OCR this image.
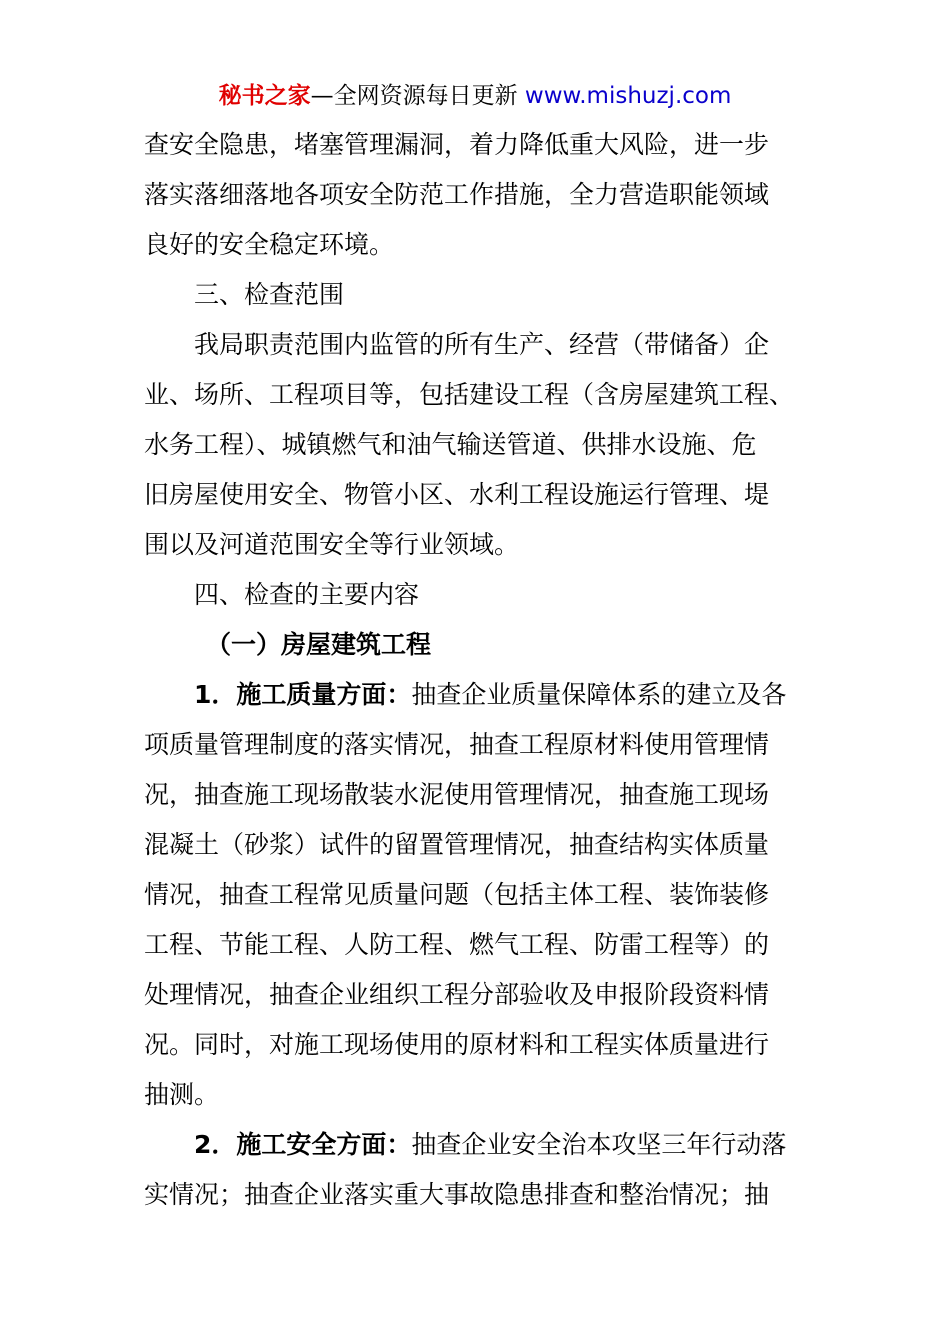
秘书之家—全网资源每日更新 www.mishuzj.com
查安全隐患，堵塞管理漏洞，着力降低重大风险，进一步
落实落细落地各项安全防范工作措施，全力营造职能领域
良好的安全稳定环境。
三、检查范围
我局职责范围内监管的所有生产、经营（带储备）企
业、场所、工程项目等，包括建设工程（含房屋建筑工程、
水务工程）、城镇燃气和油气输送管道、供排水设施、危
旧房屋使用安全、物管小区、水利工程设施运行管理、堤
围以及河道范围安全等行业领域。
四、检查的主要内容
（一）房屋建筑工程
1．施工质量方面：抽查企业质量保障体系的建立及各
项质量管理制度的落实情况，抽查工程原材料使用管理情
况，抽查施工现场散装水泥使用管理情况，抽查施工现场
混凝土（砂浆）试件的留置管理情况，抽查结构实体质量
情况，抽查工程常见质量问题（包括主体工程、装饰装修
工程、节能工程、人防工程、燃气工程、防雷工程等）的
处理情况，抽查企业组织工程分部验收及申报阶段资料情
况。同时，对施工现场使用的原材料和工程实体质量进行
抽测。
2．施工安全方面：抽查企业安全治本攻坚三年行动落
实情况；抽查企业落实重大事故隐患排查和整治情况；抽
